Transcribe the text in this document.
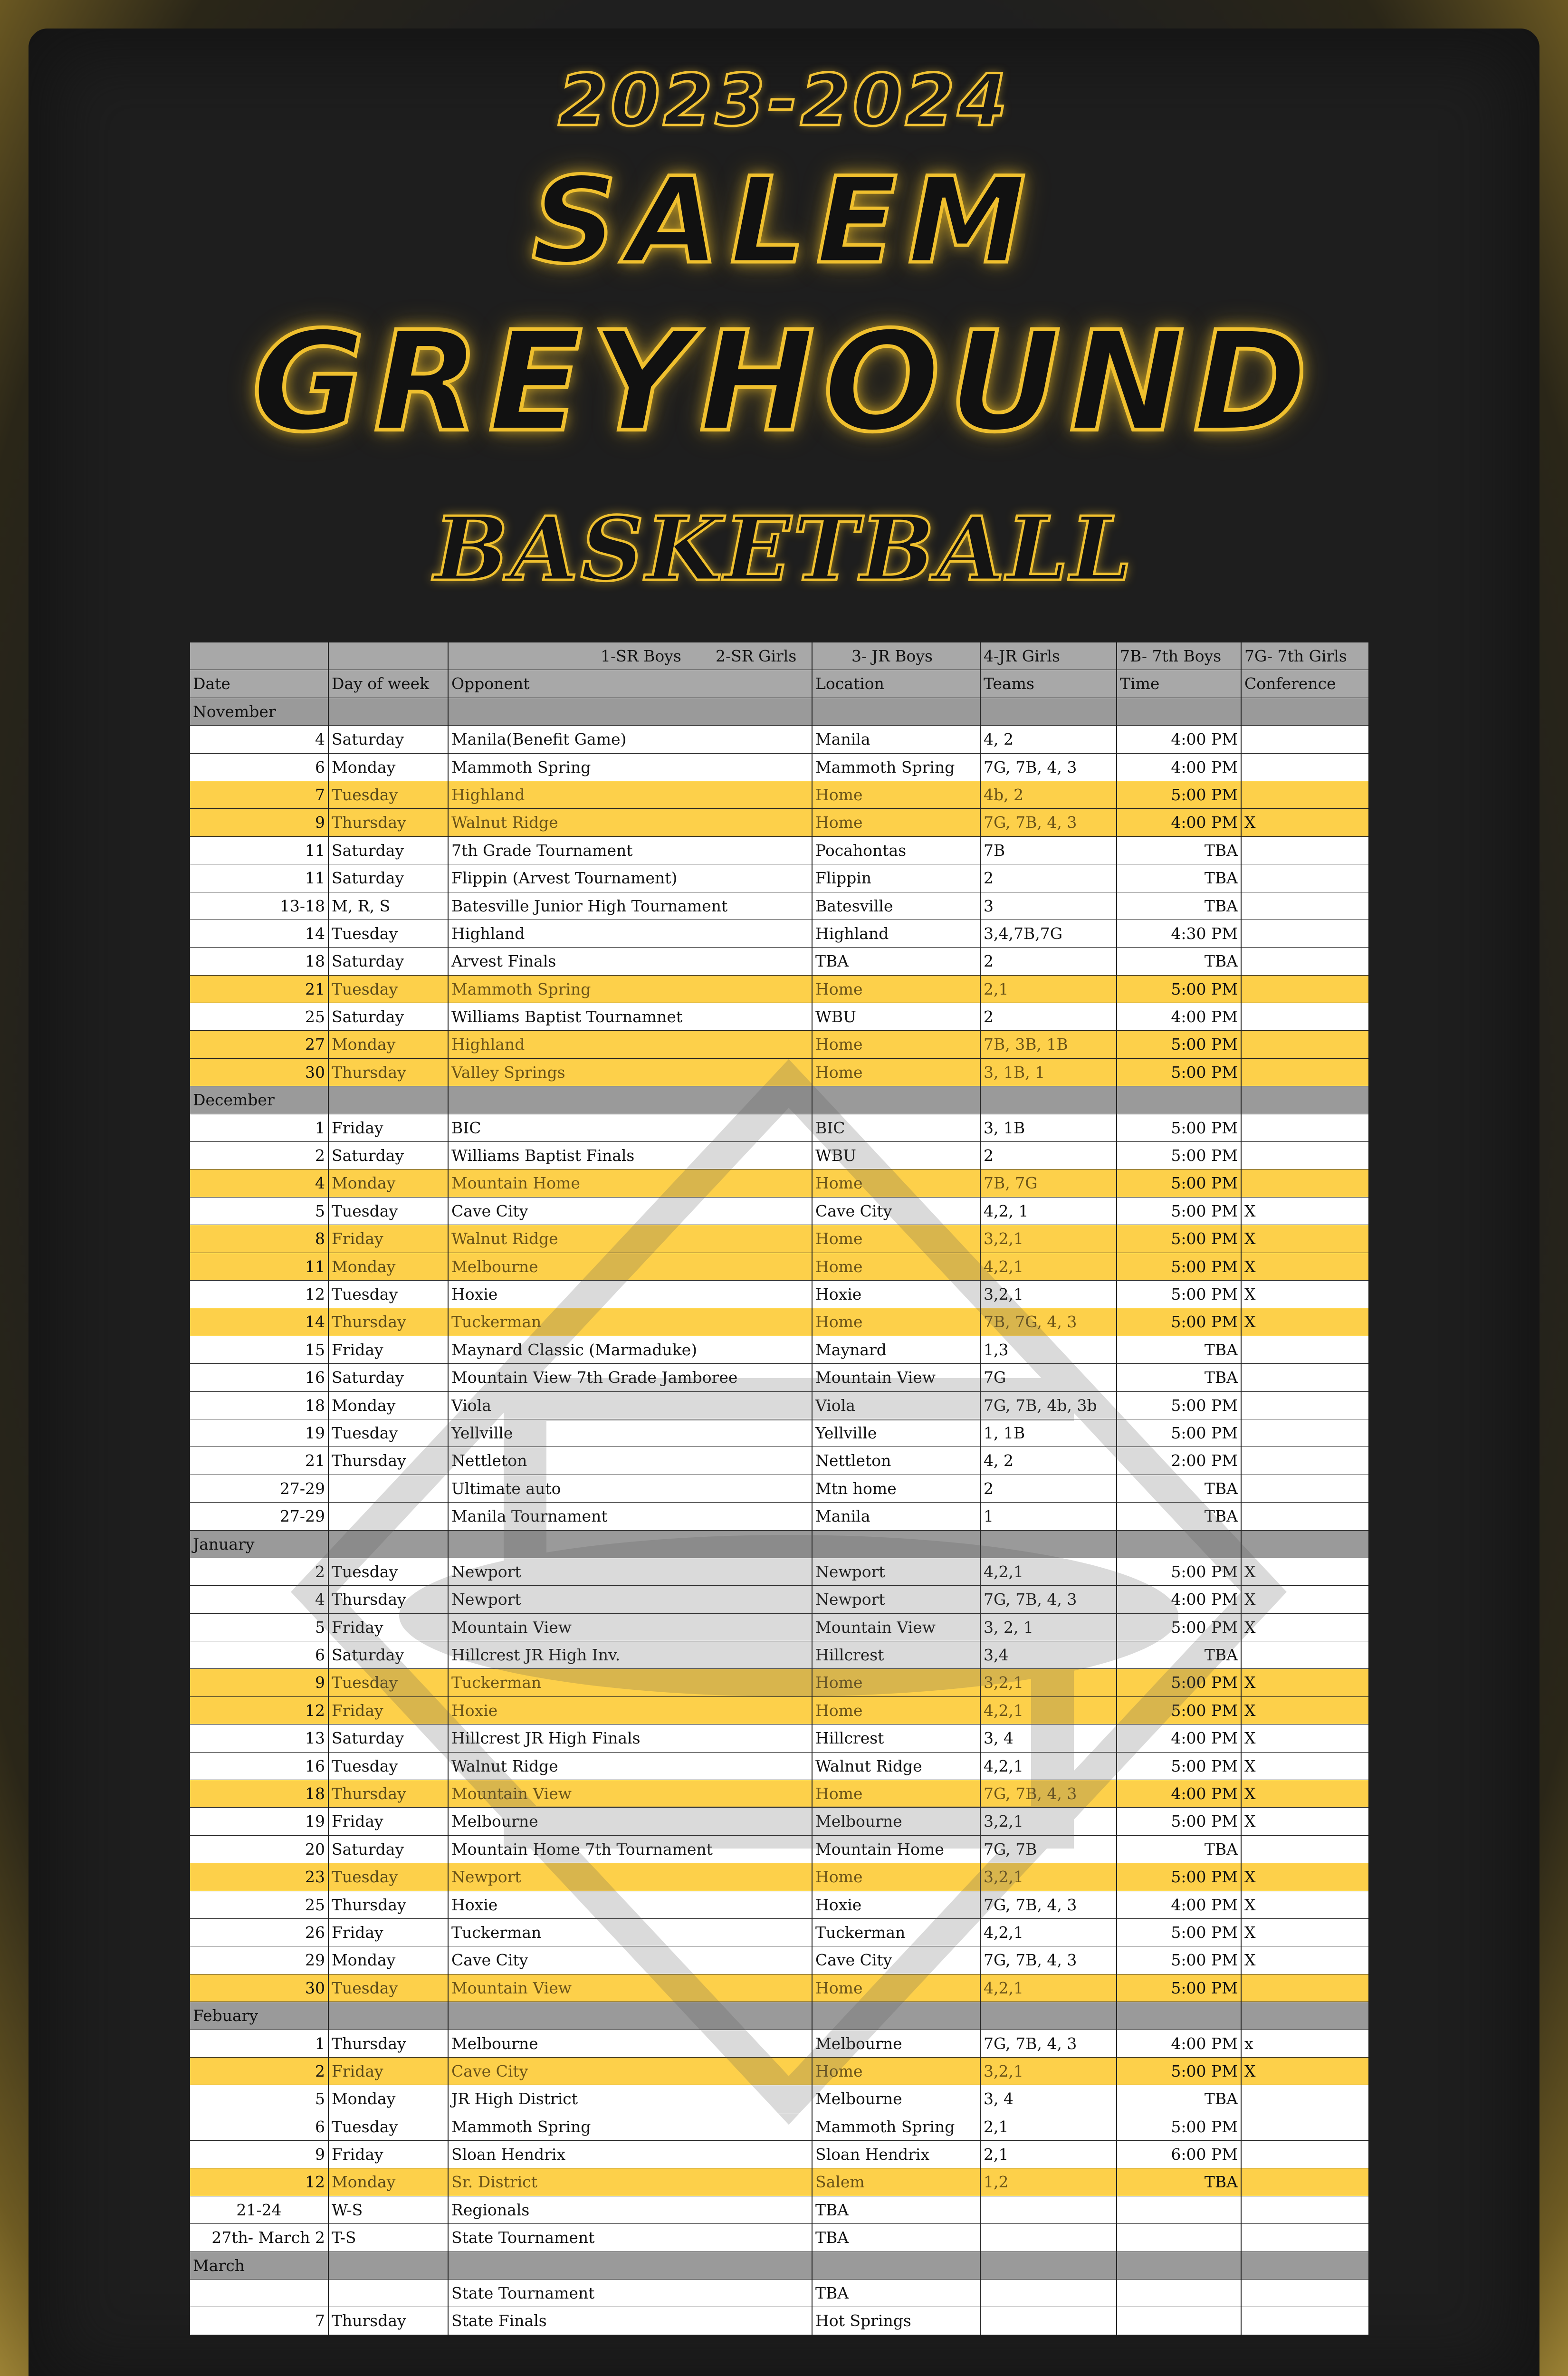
2023-2024
SALEM
GREYHOUND
BASKETBALL
1-SR Boys 2-SR Girls	3- JR Boys	4-JR Girls	7B- 7th Boys	7G- 7th Girls
Date	Day of week	Opponent	Location	Teams	Time	Conference
November
4 Saturday	Manila(Benefit Game)	Manila	4, 2	4:00 PM
6 Monday	Mammoth Spring	Mammoth Spring	7G, 7B, 4, 3	4:00 PM
7 Tuesday	Highland	Home	4b, 2	5:00 PM
9 Thursday	Walnut Ridge	Home	7G, 7B, 4, 3	4:00 PM X
11 Saturday	7th Grade Tournament	Pocahontas	7B	TBA
11 Saturday	Flippin (Arvest Tournament)	Flippin	2	TBA
13-18 M, R, S	Batesville Junior High Tournament	Batesville	3	TBA
14 Tuesday	Highland	Highland	3,4,7B,7G	4:30 PM
18 Saturday	Arvest Finals	TBA	2	TBA
21 Tuesday	Mammoth Spring	Home	2,1	5:00 PM
25 Saturday	Williams Baptist Tournamnet	WBU	2	4:00 PM
27 Monday	Highland	Home	7B, 3B, 1B	5:00 PM
30 Thursday	Valley Springs	Home	3, 1B, 1	5:00 PM
December
1 Friday	BIC	BIC	3, 1B	5:00 PM
2 Saturday	Williams Baptist Finals	WBU	2	5:00 PM
4 Monday	Mountain Home	Home	7B, 7G	5:00 PM
5 Tuesday	Cave City	Cave City	4,2, 1	5:00 PM X
8 Friday	Walnut Ridge	Home	3,2,1	5:00 PM X
11 Monday	Melbourne	Home	4,2,1	5:00 PM X
12 Tuesday	Hoxie	Hoxie	3,2,1	5:00 PM X
14 Thursday	Tuckerman	Home	7B, 7G, 4, 3	5:00 PM X
15 Friday	Maynard Classic (Marmaduke)	Maynard	1,3	TBA
16 Saturday	Mountain View 7th Grade Jamboree	Mountain View	7G	TBA
18 Monday	Viola	Viola	7G, 7B, 4b, 3b	5:00 PM
19 Tuesday	Yellville	Yellville	1, 1B	5:00 PM
21 Thursday	Nettleton	Nettleton	4, 2	2:00 PM
27-29	Ultimate auto	Mtn home	2	TBA
27-29	Manila Tournament	Manila	1	TBA
January
2 Tuesday	Newport	Newport	4,2,1	5:00 PM X
4 Thursday	Newport	Newport	7G, 7B, 4, 3	4:00 PM X
5 Friday	Mountain View	Mountain View	3, 2, 1	5:00 PM X
6 Saturday	Hillcrest JR High Inv.	Hillcrest	3,4	TBA
9 Tuesday	Tuckerman	Home	3,2,1	5:00 PM X
12 Friday	Hoxie	Home	4,2,1	5:00 PM X
13 Saturday	Hillcrest JR High Finals	Hillcrest	3, 4	4:00 PM X
16 Tuesday	Walnut Ridge	Walnut Ridge	4,2,1	5:00 PM X
18 Thursday	Mountain View	Home	7G, 7B, 4, 3	4:00 PM X
19 Friday	Melbourne	Melbourne	3,2,1	5:00 PM X
20 Saturday	Mountain Home 7th Tournament	Mountain Home	7G, 7B	TBA
23 Tuesday	Newport	Home	3,2,1	5:00 PM X
25 Thursday	Hoxie	Hoxie	7G, 7B, 4, 3	4:00 PM X
26 Friday	Tuckerman	Tuckerman	4,2,1	5:00 PM X
29 Monday	Cave City	Cave City	7G, 7B, 4, 3	5:00 PM X
30 Tuesday	Mountain View	Home	4,2,1	5:00 PM
Febuary
1 Thursday	Melbourne	Melbourne	7G, 7B, 4, 3	4:00 PM x
2 Friday	Cave City	Home	3,2,1	5:00 PM X
5 Monday	JR High District	Melbourne	3, 4	TBA
6 Tuesday	Mammoth Spring	Mammoth Spring	2,1	5:00 PM
9 Friday	Sloan Hendrix	Sloan Hendrix	2,1	6:00 PM
12 Monday	Sr. District	Salem	1,2	TBA
21-24	W-S	Regionals	TBA
27th- March 2 T-S	State Tournament	TBA
March
State Tournament	TBA
7 Thursday	State Finals	Hot Springs
